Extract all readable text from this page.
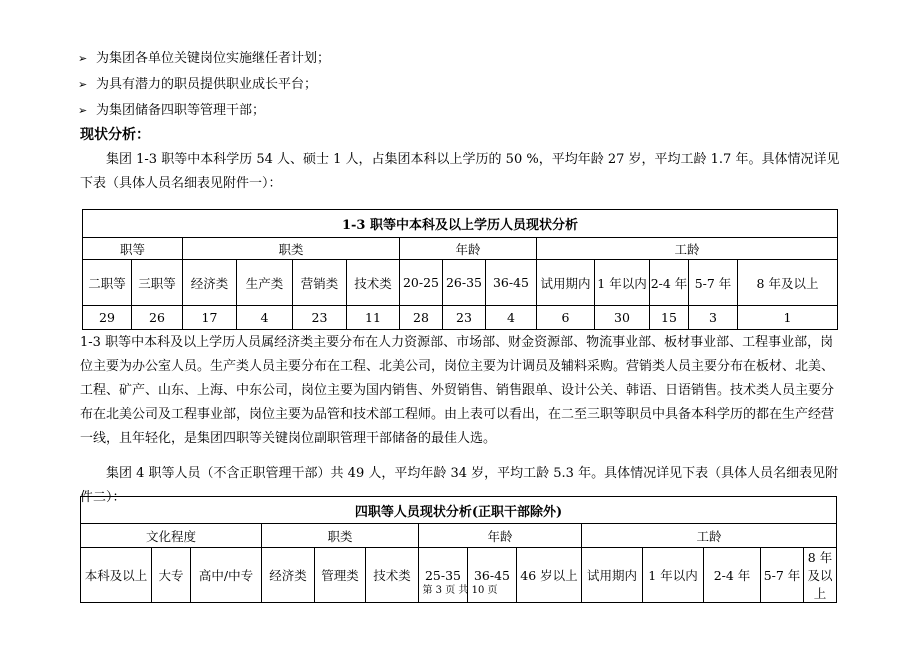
➢ 为集团各单位关键岗位实施继任者计划；
➢ 为具有潜力的职员提供职业成长平台；
➢ 为集团储备四职等管理干部；
现状分析：
集团 1-3 职等中本科学历 54 人、硕士 1 人，占集团本科以上学历的 50 %，平均年龄 27 岁，平均工龄 1.7 年。具体情况详见下表（具体人员名细表见附件一）：
1-3 职等中本科及以上学历人员现状分析													
职等		职类				年龄			工龄				
二职等	三职等	经济类	生产类	营销类	技术类	20-25	26-35	36-45	试用期内	1 年以内	2-4 年	5-7 年	8 年及以上
29	26	17	4	23	11	28	23	4	6	30	15	3	1
1-3 职等中本科及以上学历人员属经济类主要分布在人力资源部、市场部、财金资源部、物流事业部、板材事业部、工程事业部，岗位主要为办公室人员。生产类人员主要分布在工程、北美公司，岗位主要为计调员及辅料采购。营销类人员主要分布在板材、北美、工程、矿产、山东、上海、中东公司，岗位主要为国内销售、外贸销售、销售跟单、设计公关、韩语、日语销售。技术类人员主要分布在北美公司及工程事业部，岗位主要为品管和技术部工程师。由上表可以看出，在二至三职等职员中具备本科学历的都在生产经营一线，且年轻化，是集团四职等关键岗位副职管理干部储备的最佳人选。
集团 4 职等人员（不含正职管理干部）共 49 人，平均年龄 34 岁，平均工龄 5.3 年。具体情况详见下表（具体人员名细表见附件二）：
四职等人员现状分析(正职干部除外)													
文化程度			职类			年龄			工龄				
本科及以上	大专	高中/中专	经济类	管理类	技术类	25-35	36-45	46 岁以上	试用期内	1 年以内	2-4 年	5-7 年	8 年及以上
第 3 页 共 10 页
